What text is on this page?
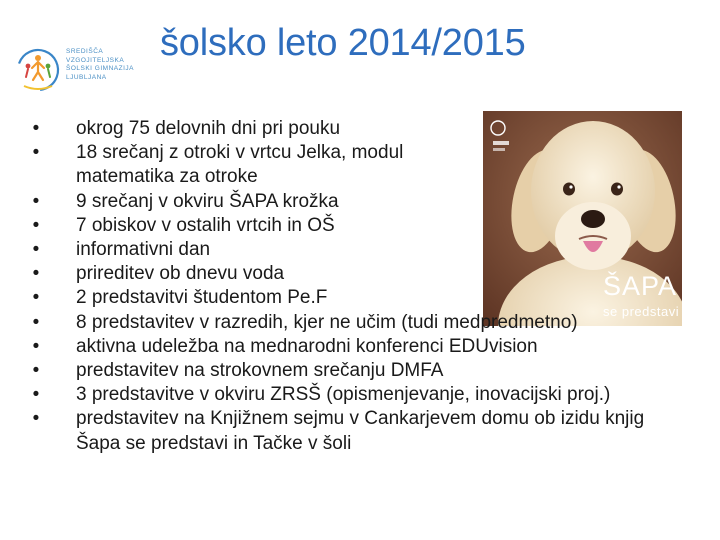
SREDIŠČA
VZGOJITELJSKA
ŠOLSKI GIMNAZIJA
LJUBLJANA
šolsko leto 2014/2015
ŠAPA
se predstavi
• okrog 75 delovnih dni pri pouku
• 18 srečanj z otroki v vrtcu Jelka, modul matematika za otroke
• 9 srečanj v okviru ŠAPA krožka
• 7 obiskov v ostalih vrtcih in OŠ
• informativni dan
• prireditev ob dnevu voda
• 2 predstavitvi študentom Pe.F
• 8 predstavitev v razredih, kjer ne učim (tudi medpredmetno)
• aktivna udeležba na mednarodni konferenci EDUvision
• predstavitev na strokovnem srečanju DMFA
• 3 predstavitve v okviru ZRSŠ (opismenjevanje, inovacijski proj.)
• predstavitev na Knjižnem sejmu v Cankarjevem domu ob izidu knjig Šapa se predstavi in Tačke v šoli
